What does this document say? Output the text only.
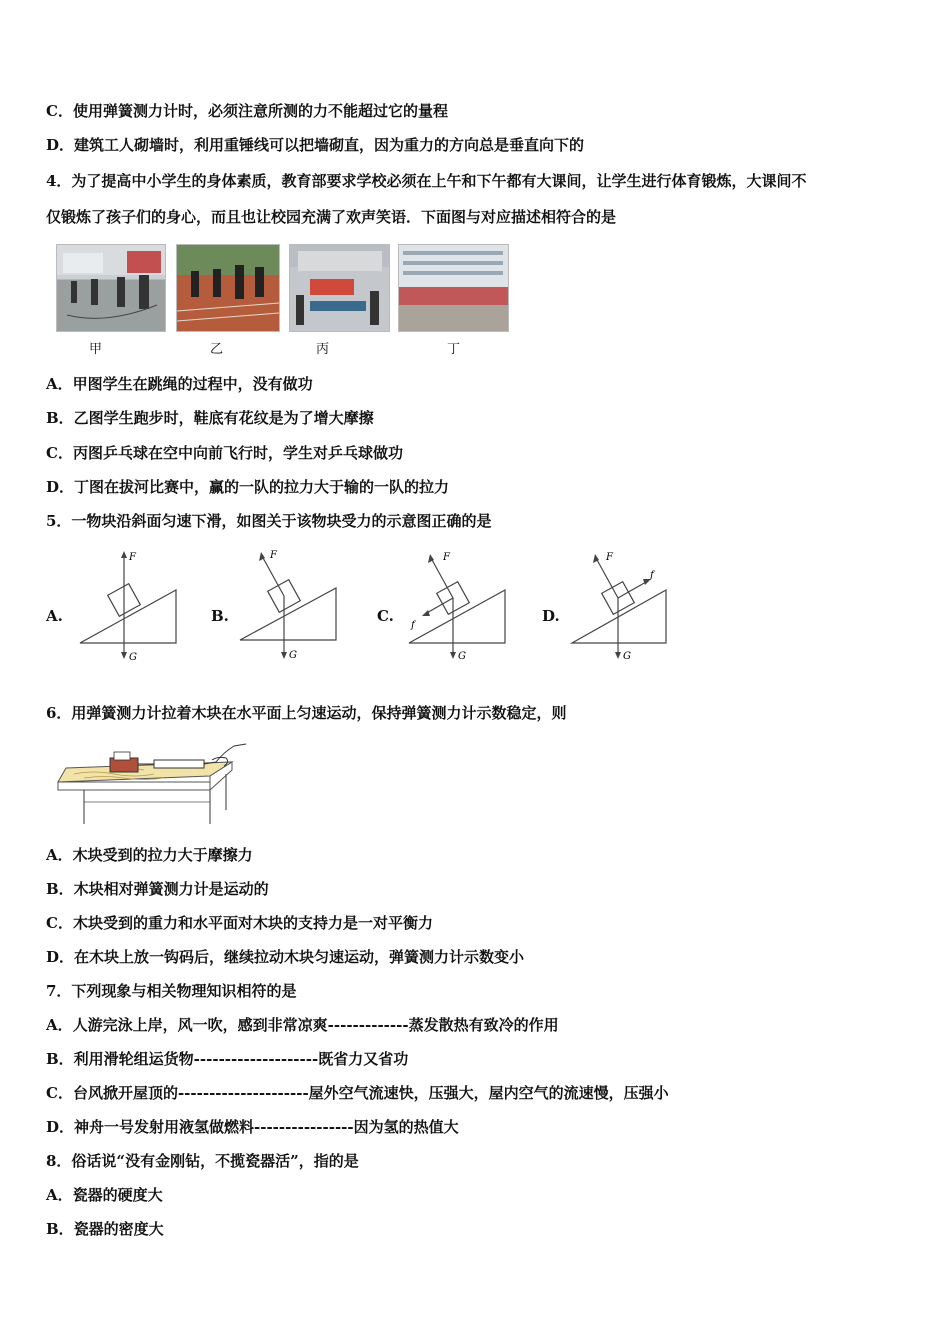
C．使用弹簧测力计时，必须注意所测的力不能超过它的量程
D．建筑工人砌墙时，利用重锤线可以把墙砌直，因为重力的方向总是垂直向下的
4．为了提高中小学生的身体素质，教育部要求学校必须在上午和下午都有大课间，让学生进行体育锻炼，大课间不
仅锻炼了孩子们的身心，而且也让校园充满了欢声笑语．下面图与对应描述相符合的是
甲	乙	丙	丁
A．甲图学生在跳绳的过程中，没有做功
B．乙图学生跑步时，鞋底有花纹是为了增大摩擦
C．丙图乒乓球在空中向前飞行时，学生对乒乓球做功
D．丁图在拔河比赛中，赢的一队的拉力大于输的一队的拉力
5．一物块沿斜面匀速下滑，如图关于该物块受力的示意图正确的是
A.
F
G
B.
F
G
C.
F
f
G
D.
F
f
G
6．用弹簧测力计拉着木块在水平面上匀速运动，保持弹簧测力计示数稳定，则
A．木块受到的拉力大于摩擦力
B．木块相对弹簧测力计是运动的
C．木块受到的重力和水平面对木块的支持力是一对平衡力
D．在木块上放一钩码后，继续拉动木块匀速运动，弹簧测力计示数变小
7．下列现象与相关物理知识相符的是
A．人游完泳上岸，风一吹，感到非常凉爽-------------蒸发散热有致冷的作用
B．利用滑轮组运货物--------------------既省力又省功
C．台风掀开屋顶的---------------------屋外空气流速快，压强大，屋内空气的流速慢，压强小
D．神舟一号发射用液氢做燃料----------------因为氢的热值大
8．俗话说“没有金刚钻，不揽瓷器活”，指的是
A．瓷器的硬度大
B．瓷器的密度大
